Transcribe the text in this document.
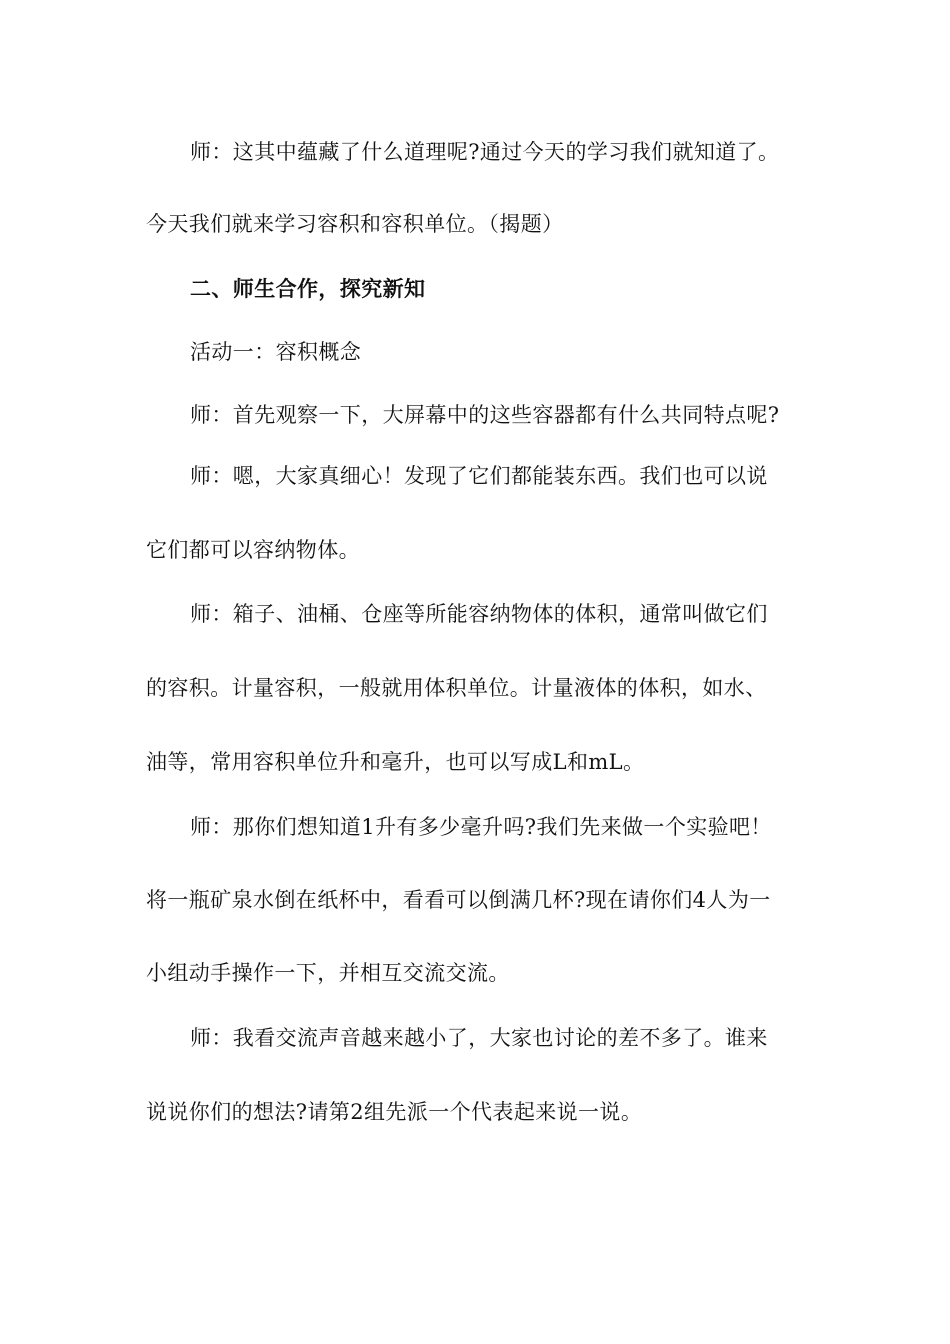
师：这其中蕴藏了什么道理呢?通过今天的学习我们就知道了。
今天我们就来学习容积和容积单位。（揭题）
二、师生合作，探究新知
活动一：容积概念
师：首先观察一下，大屏幕中的这些容器都有什么共同特点呢?
师：嗯，大家真细心！发现了它们都能装东西。我们也可以说
它们都可以容纳物体。
师：箱子、油桶、仓座等所能容纳物体的体积，通常叫做它们
的容积。计量容积，一般就用体积单位。计量液体的体积，如水、
油等，常用容积单位升和毫升，也可以写成L和mL。
师：那你们想知道1升有多少毫升吗?我们先来做一个实验吧！
将一瓶矿泉水倒在纸杯中，看看可以倒满几杯?现在请你们4人为一
小组动手操作一下，并相互交流交流。
师：我看交流声音越来越小了，大家也讨论的差不多了。谁来
说说你们的想法?请第2组先派一个代表起来说一说。
